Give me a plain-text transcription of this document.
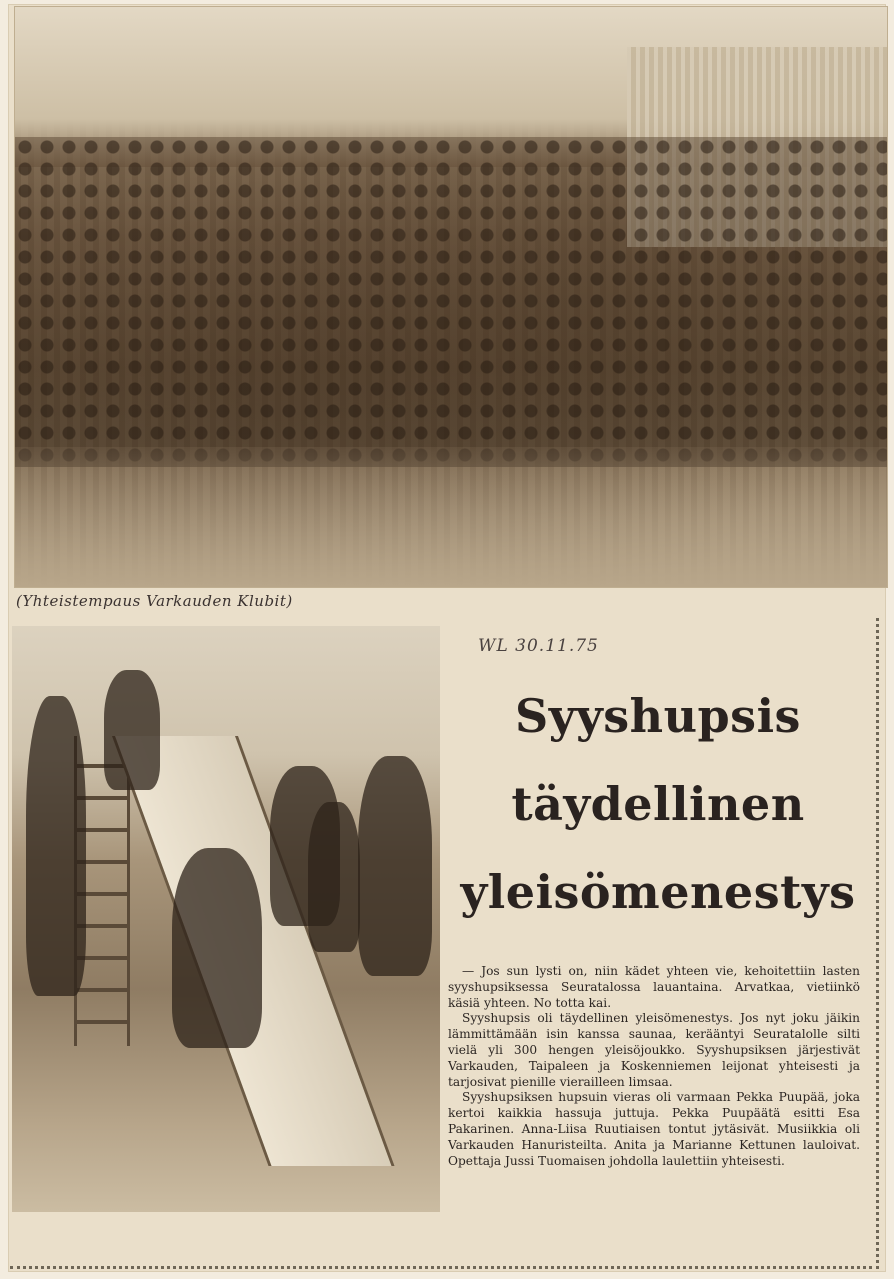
(Yhteistempaus Varkauden Klubit)
WL 30.11.75
Syyshupsis
täydellinen
yleisömenestys

— Jos sun lysti on, niin kädet yhteen vie, kehoitettiin lasten syyshupsiksessa Seuratalossa lauantaina. Arvatkaa, vietiinkö käsiä yhteen. No totta kai.

Syyshupsis oli täydellinen yleisömenestys. Jos nyt joku jäikin lämmittämään isin kanssa saunaa, kerääntyi Seuratalolle silti vielä yli 300 hengen yleisöjoukko. Syyshupsiksen järjestivät Varkauden, Taipaleen ja Koskenniemen leijonat yhteisesti ja tarjosivat pienille vierailleen limsaa.

Syyshupsiksen hupsuin vieras oli varmaan Pekka Puupää, joka kertoi kaikkia hassuja juttuja. Pekka Puupäätä esitti Esa Pakarinen. Anna-Liisa Ruutiaisen tontut jytäsivät. Musiikkia oli Varkauden Hanuristeilta. Anita ja Marianne Kettunen lauloivat. Opettaja Jussi Tuomaisen johdolla laulettiin yhteisesti.
